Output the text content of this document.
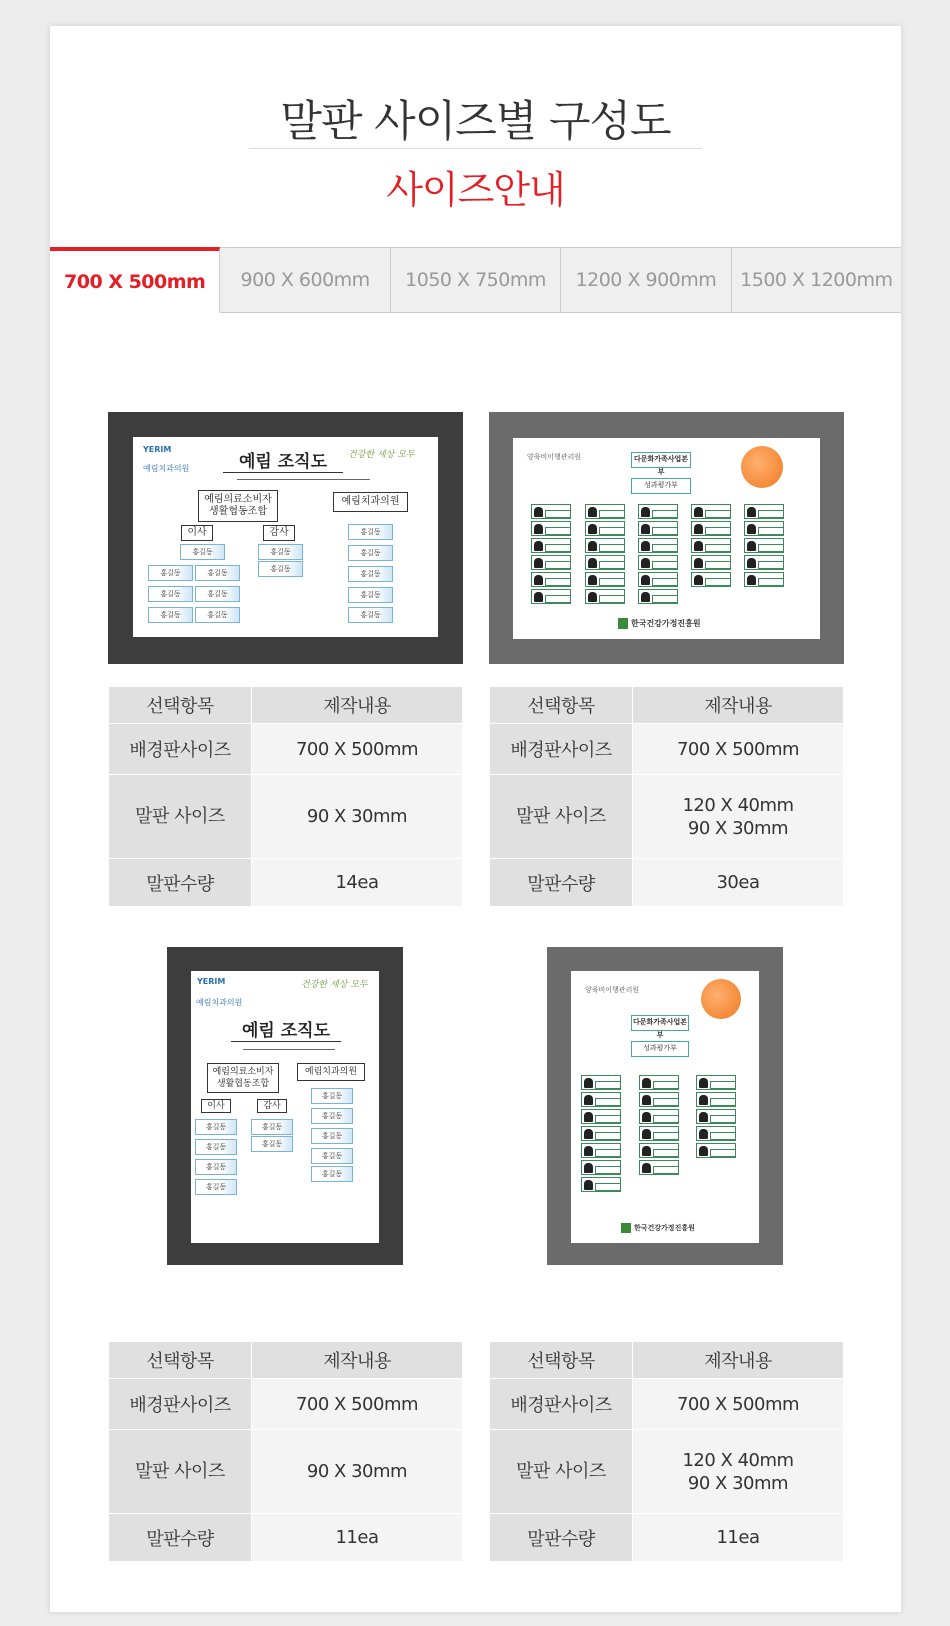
말판 사이즈별 구성도
사이즈안내
700 X 500mm	900 X 600mm	1050 X 750mm	1200 X 900mm	1500 X 1200mm
YERIM
예림치과의원
건강한 세상 모두
예림 조직도
예림의료소비자
생활협동조합
예림치과의원
이사	감사
홍길동
홍길동	홍길동
홍길동	홍길동
홍길동	홍길동
홍길동
홍길동
홍길동
홍길동
홍길동
홍길동
홍길동
선택항목	제작내용
배경판사이즈	700 X 500mm
말판 사이즈	90 X 30mm

말판수량	14ea
양육비이행관리원	다문화가족사업본부
성과평가부
한국건강가정진흥원
선택항목	제작내용
배경판사이즈	700 X 500mm
말판 사이즈	120 X 40mm
90 X 30mm

말판수량	30ea
YERIM
예림치과의원
건강한 세상 모두
예림 조직도
예림의료소비자
생활협동조합
예림치과의원
이사	감사
홍길동
홍길동
홍길동
홍길동
홍길동
홍길동
홍길동
홍길동
홍길동
홍길동
홍길동
선택항목	제작내용
배경판사이즈	700 X 500mm
말판 사이즈	90 X 30mm

말판수량	11ea
양육비이행관리원
다문화가족사업본부
성과평가부
한국건강가정진흥원
선택항목	제작내용
배경판사이즈	700 X 500mm
말판 사이즈	120 X 40mm
90 X 30mm

말판수량	11ea
